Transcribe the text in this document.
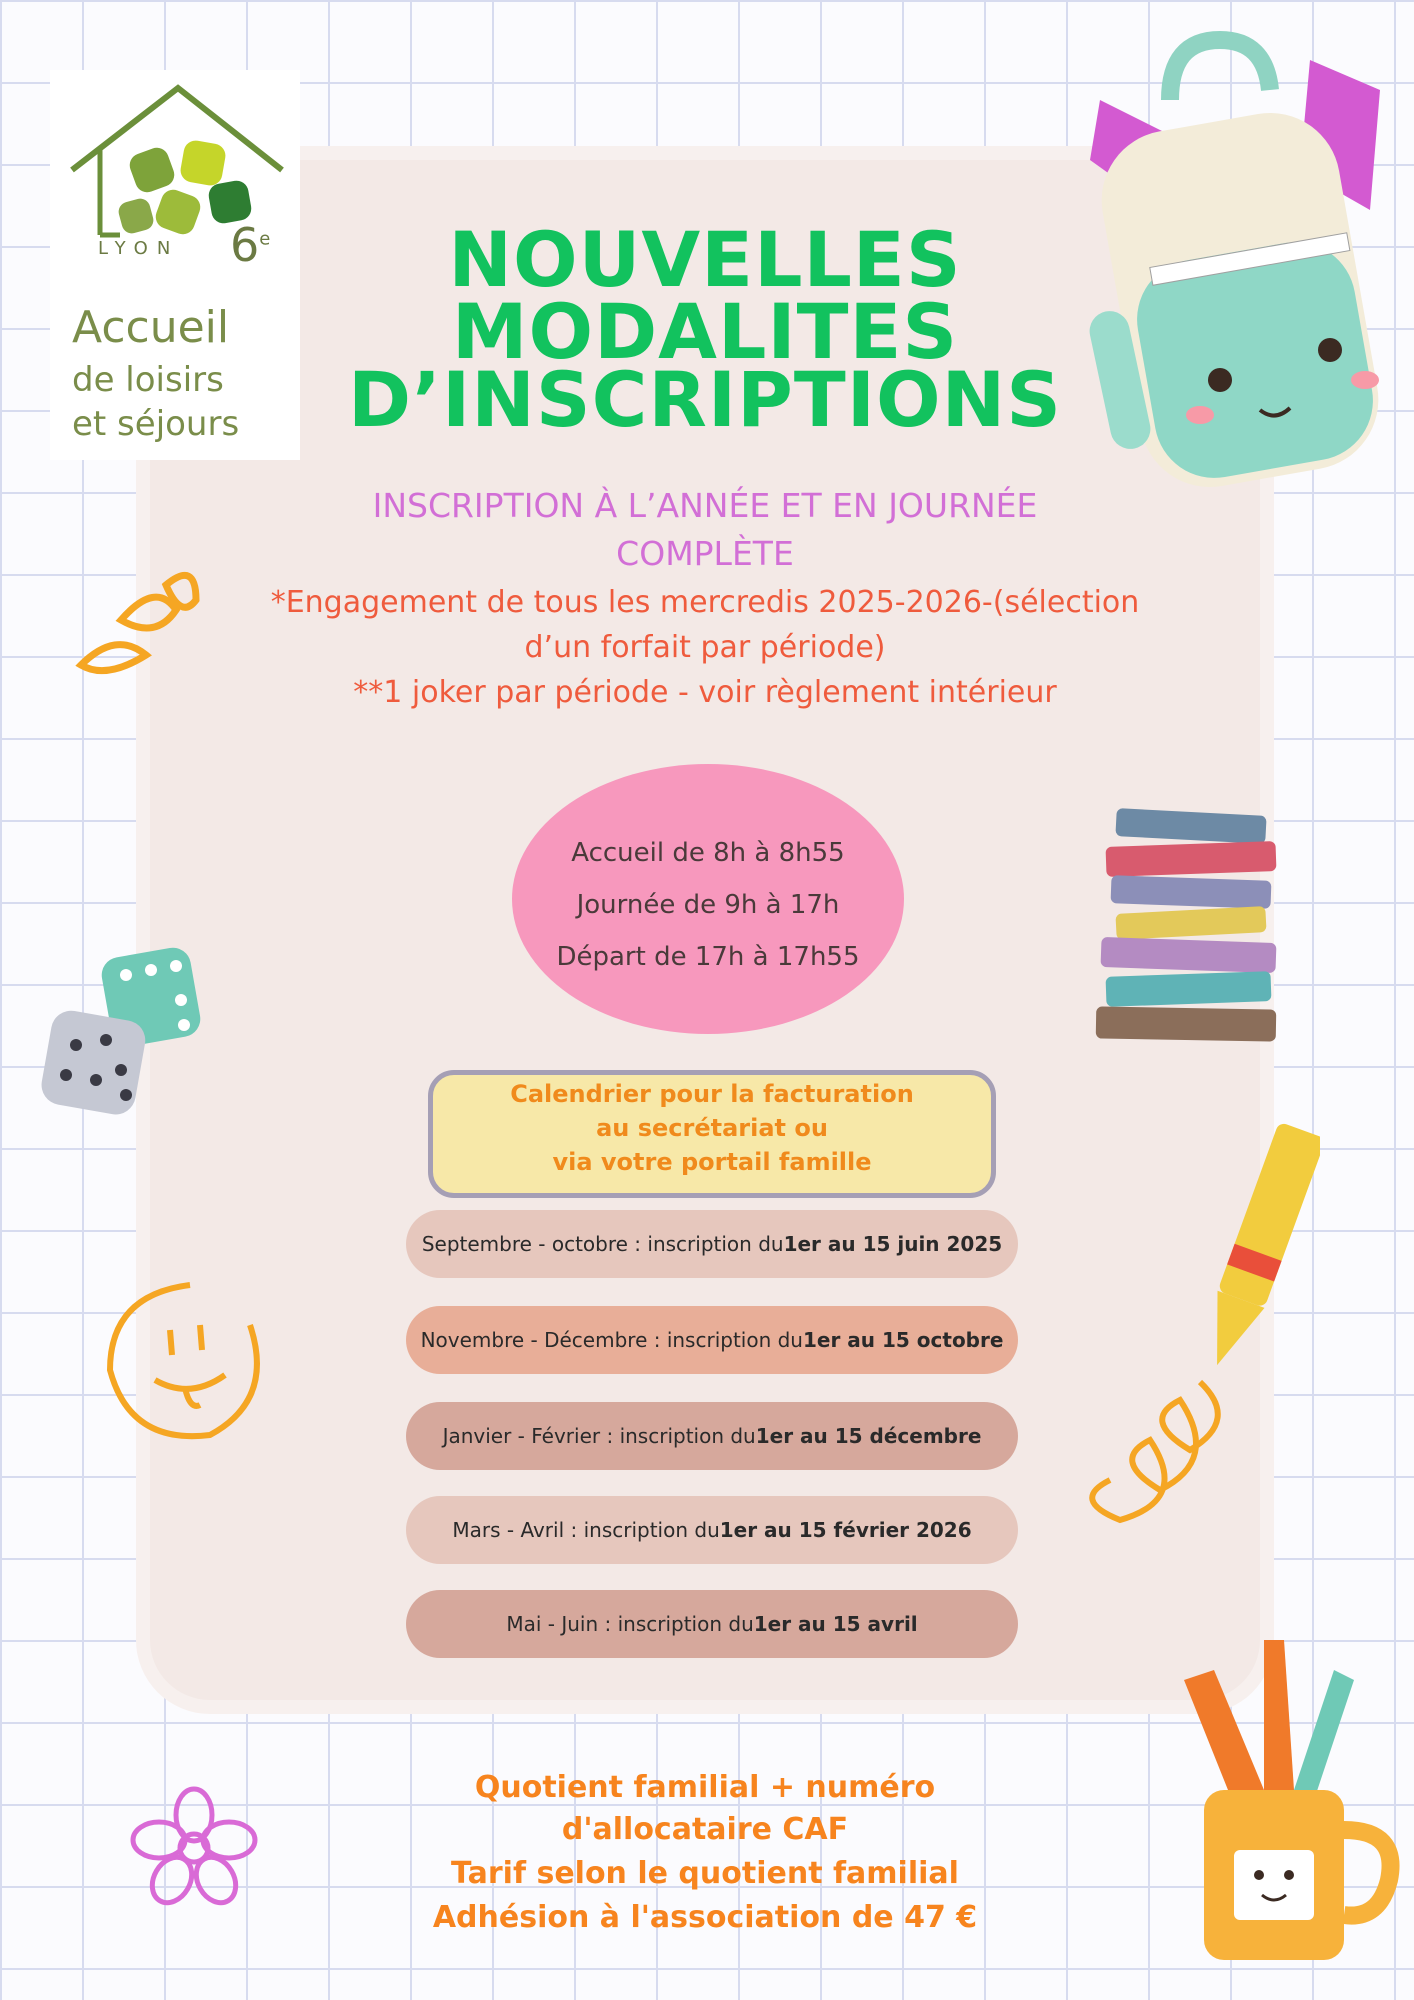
LYON	6e
Accueil
de loisirs
et séjours
NOUVELLES
MODALITES
D’INSCRIPTIONS
INSCRIPTION À L’ANNÉE ET EN JOURNÉE
COMPLÈTE
*Engagement de tous les mercredis 2025-2026-(sélection
d’un forfait par période)
**1 joker par période - voir règlement intérieur
Accueil de 8h à 8h55
Journée de 9h à 17h
Départ de 17h à 17h55
Calendrier pour la facturation
au secrétariat ou
via votre portail famille
Septembre - octobre : inscription du 1er au 15 juin 2025
Novembre - Décembre : inscription du 1er au 15 octobre
Janvier - Février : inscription du 1er au 15 décembre
Mars - Avril : inscription du 1er au 15 février 2026
Mai - Juin : inscription du 1er au 15 avril
Quotient familial + numéro
d'allocataire CAF
Tarif selon le quotient familial
Adhésion à l'association de 47 €
